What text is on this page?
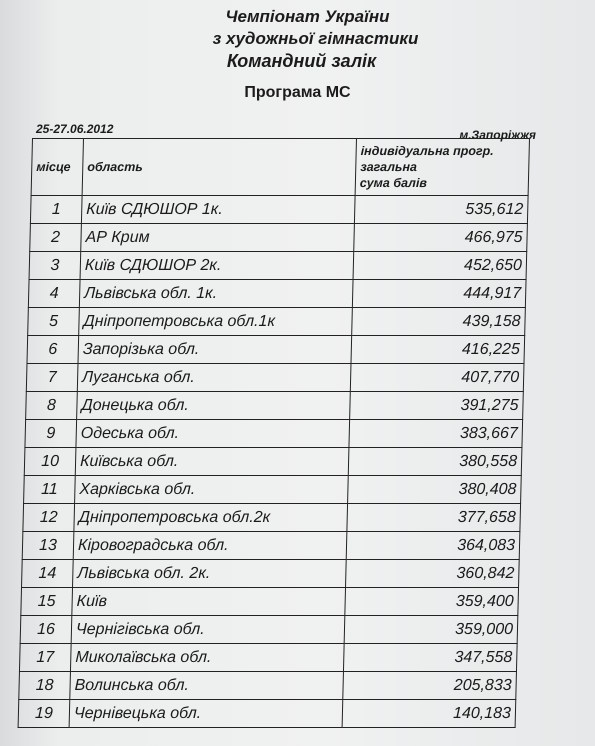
Чемпіонат України
з художньої гімнастики
Командний залік
Програма МС
25-27.06.2012	м.Запоріжжя
місце	область	індивідуальна прогр.
загальна
сума балів

1	Київ СДЮШОР 1к.	535,612
2	АР Крим	466,975
3	Київ СДЮШОР 2к.	452,650
4	Львівська обл. 1к.	444,917
5	Дніпропетровська обл.1к	439,158
6	Запорізька обл.	416,225
7	Луганська обл.	407,770
8	Донецька обл.	391,275
9	Одеська обл.	383,667
10	Київська обл.	380,558
11	Харківська обл.	380,408
12	Дніпропетровська обл.2к	377,658
13	Кіровоградська обл.	364,083
14	Львівська обл. 2к.	360,842
15	Київ	359,400
16	Чернігівська обл.	359,000
17	Миколаївська обл.	347,558
18	Волинська обл.	205,833
19	Чернівецька обл.	140,183
